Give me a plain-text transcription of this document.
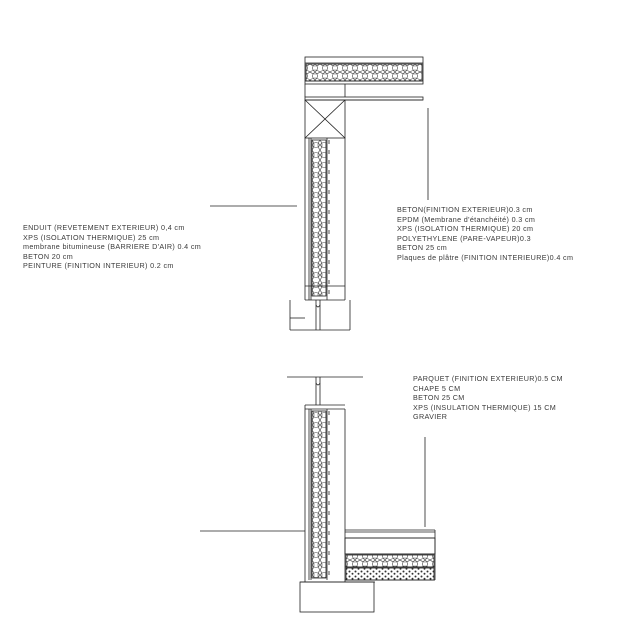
ENDUIT (REVETEMENT EXTERIEUR) 0,4 cm
XPS (ISOLATION THERMIQUE) 25 cm
membrane bitumineuse (BARRIERE D'AIR) 0.4 cm
BETON 20 cm
PEINTURE (FINITION INTERIEUR) 0.2 cm
BETON(FINITION EXTERIEUR)0.3 cm
EPDM (Membrane d'étanchéité) 0.3 cm
XPS (ISOLATION THERMIQUE) 20 cm
POLYETHYLENE (PARE-VAPEUR)0.3
BETON 25 cm
Plaques de plâtre (FINITION INTERIEURE)0.4 cm
PARQUET (FINITION EXTERIEUR)0.5 CM
CHAPE 5 CM
BETON 25 CM
XPS (INSULATION THERMIQUE) 15 CM
GRAVIER
